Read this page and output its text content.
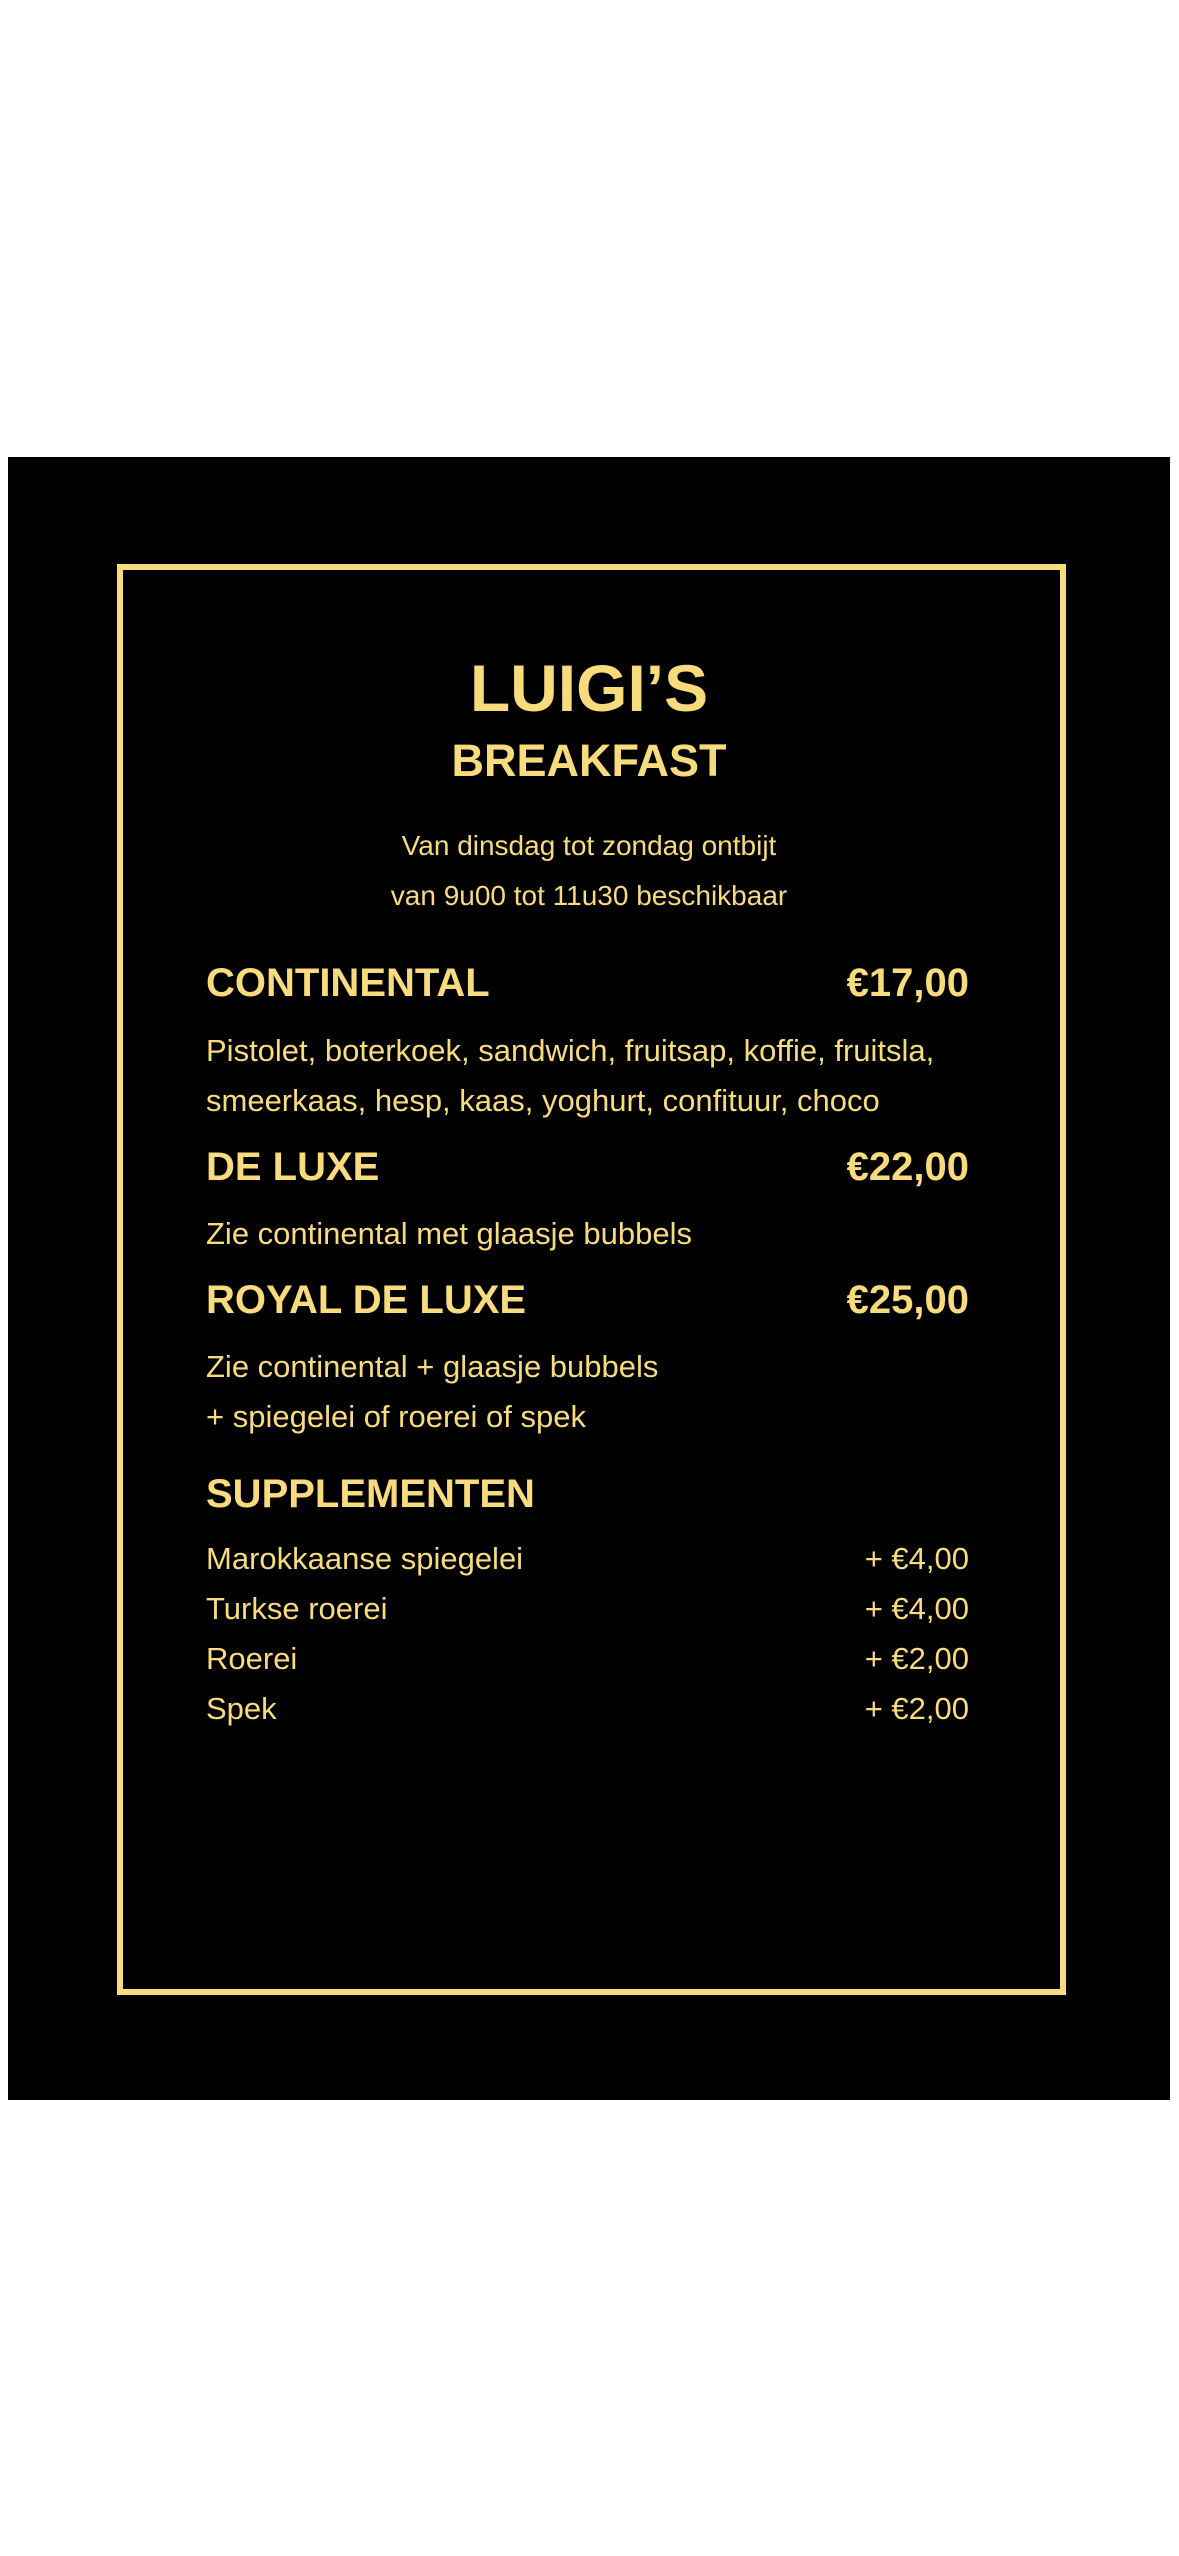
LUIGI’S
BREAKFAST
Van dinsdag tot zondag ontbijt
van 9u00 tot 11u30 beschikbaar
CONTINENTAL	€17,00
Pistolet, boterkoek, sandwich, fruitsap, koffie, fruitsla,
smeerkaas, hesp, kaas, yoghurt, confituur, choco
DE LUXE	€22,00
Zie continental met glaasje bubbels
ROYAL DE LUXE	€25,00
Zie continental + glaasje bubbels
+ spiegelei of roerei of spek
SUPPLEMENTEN
Marokkaanse spiegelei	+ €4,00
Turkse roerei	+ €4,00
Roerei	+ €2,00
Spek	+ €2,00
